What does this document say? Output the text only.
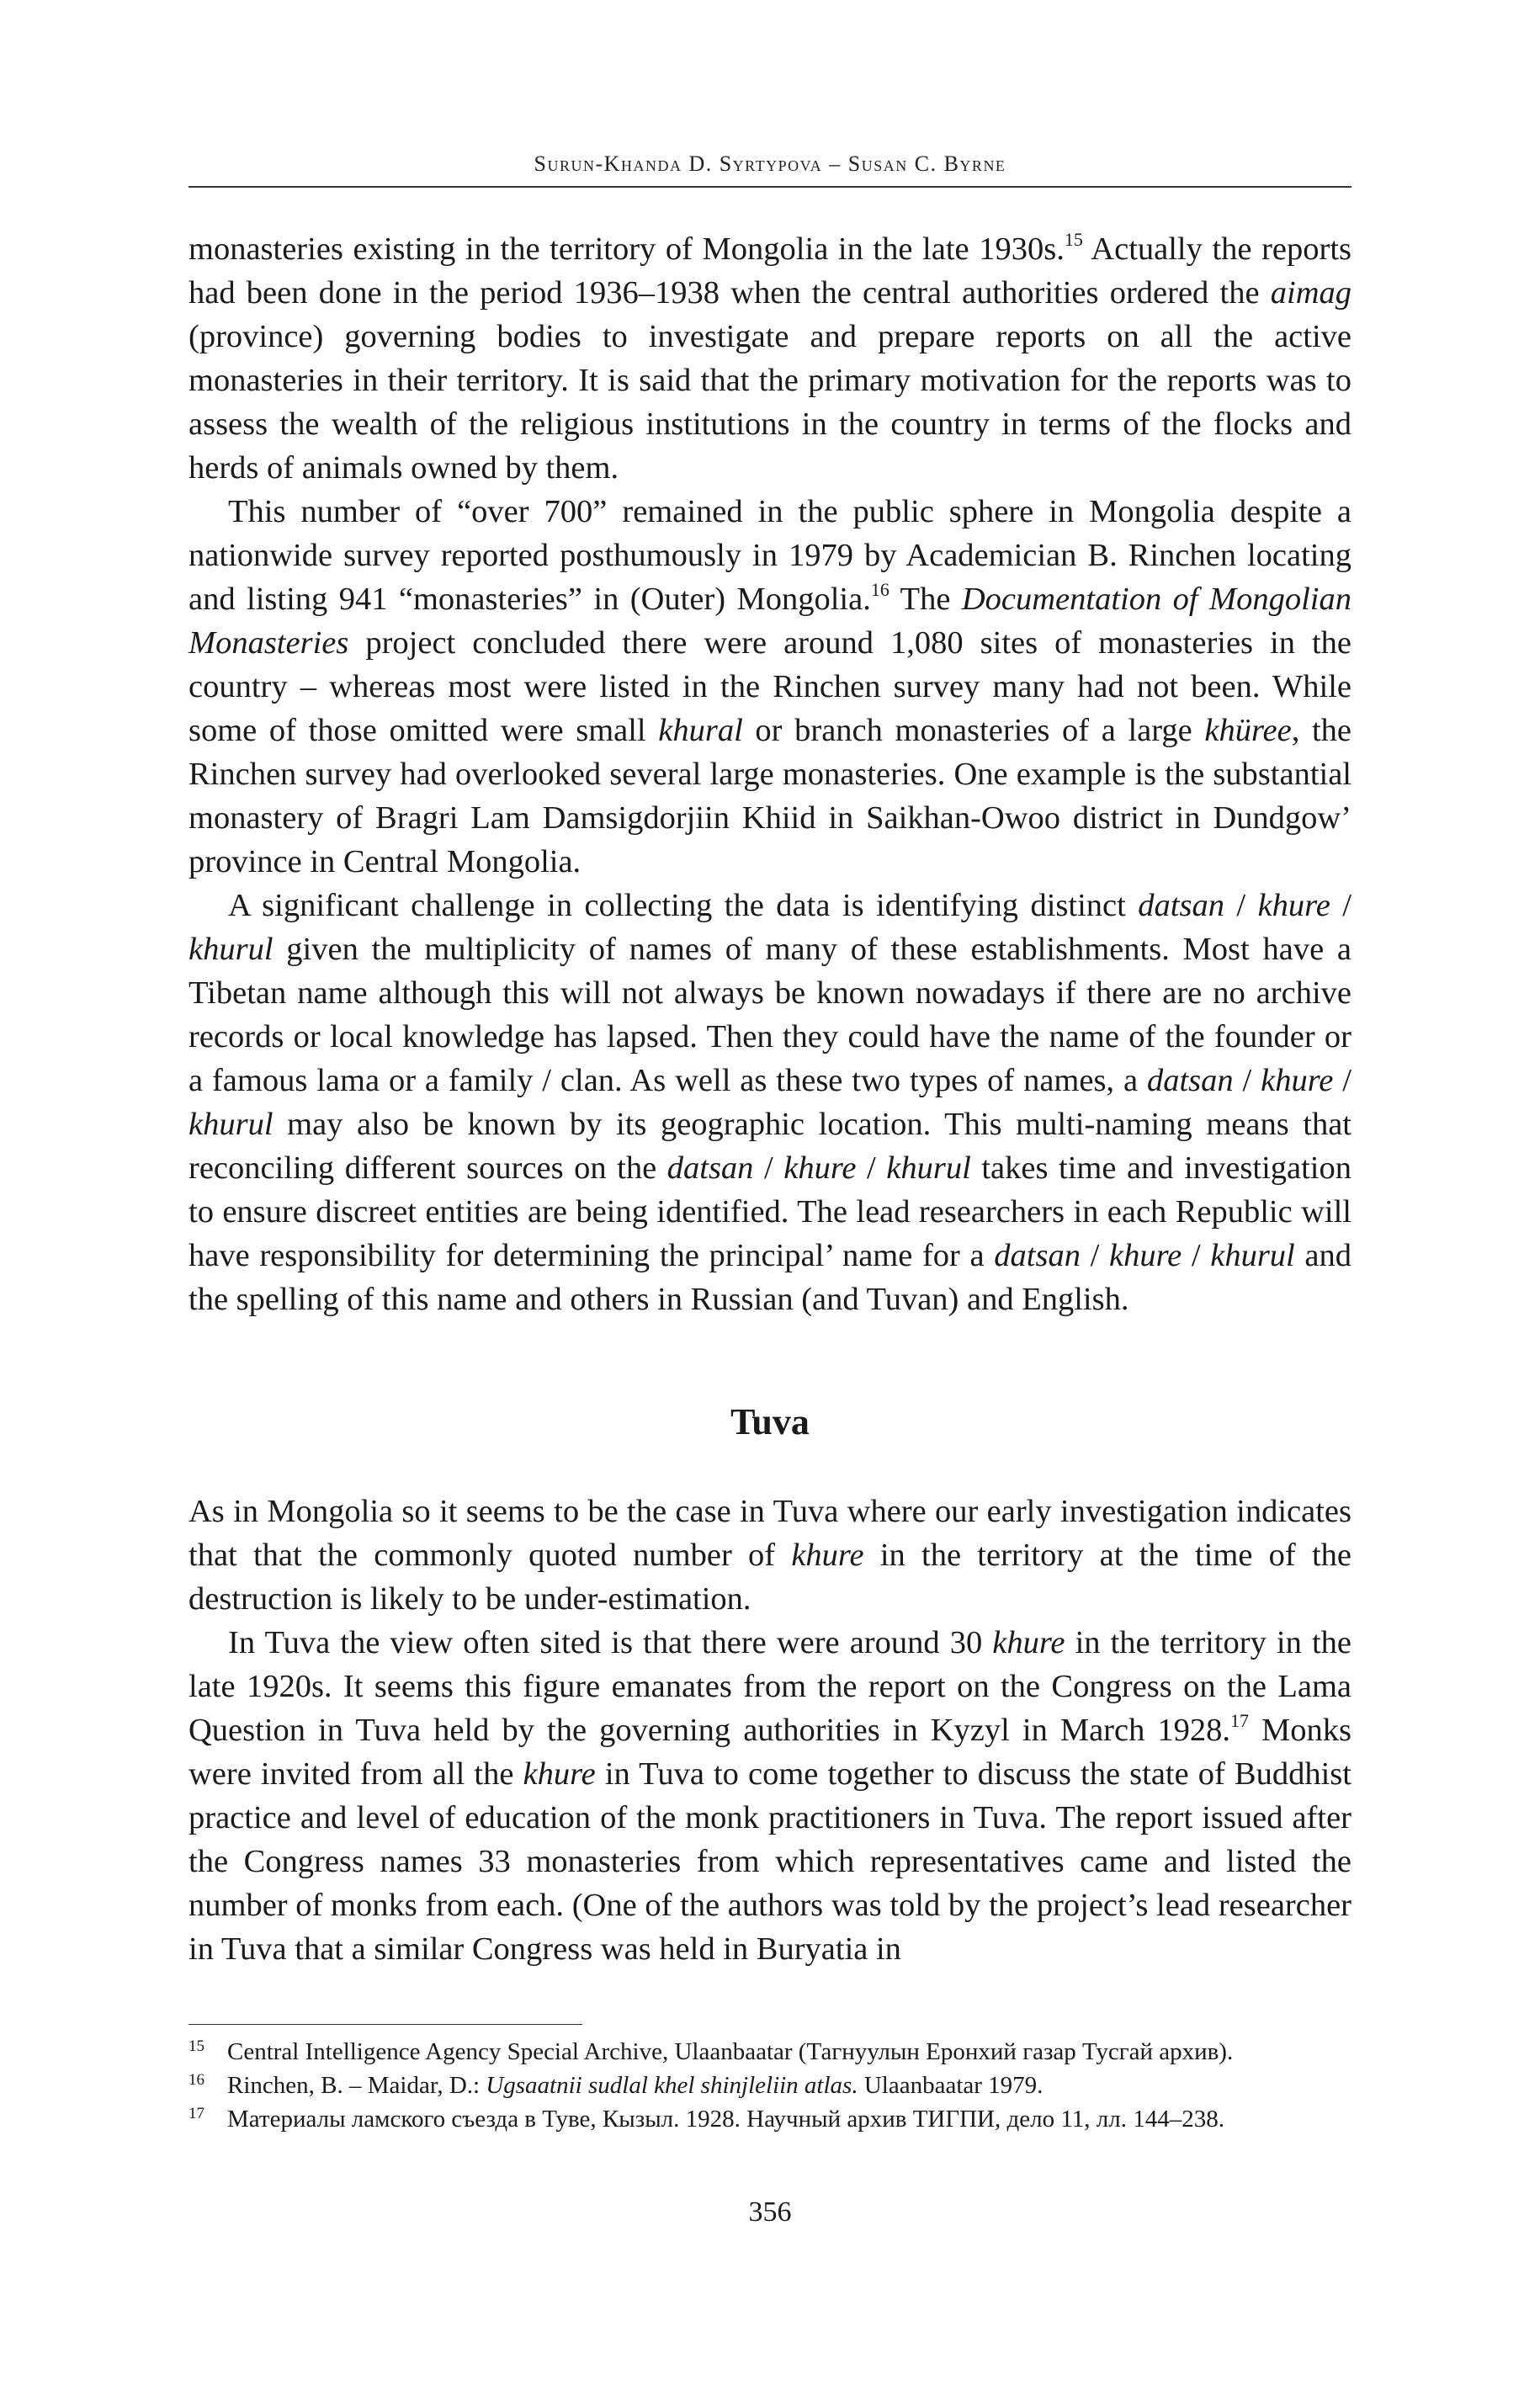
Surun-Khanda D. Syrtypova – Susan C. Byrne

monasteries existing in the territory of Mongolia in the late 1930s.$^{15}$ Actually the reports had been done in the period 1936–1938 when the central authorities ordered the aimag (province) governing bodies to investigate and prepare reports on all the active monasteries in their territory. It is said that the primary motivation for the reports was to assess the wealth of the religious institutions in the country in terms of the flocks and herds of animals owned by them.

This number of “over 700” remained in the public sphere in Mongolia despite a nationwide survey reported posthumously in 1979 by Academician B. Rinchen locating and listing 941 “monasteries” in (Outer) Mongolia.$^{16}$ The Documentation of Mongolian Monasteries project concluded there were around 1,080 sites of monasteries in the country – whereas most were listed in the Rinchen survey many had not been. While some of those omitted were small khural or branch monasteries of a large khüree, the Rinchen survey had overlooked several large monasteries. One example is the substantial monastery of Bragri Lam Damsigdorjiin Khiid in Saikhan-Owoo district in Dundgow’ province in Central Mongolia.

A significant challenge in collecting the data is identifying distinct datsan / khure / khurul given the multiplicity of names of many of these establishments. Most have a Tibetan name although this will not always be known nowadays if there are no archive records or local knowledge has lapsed. Then they could have the name of the founder or a famous lama or a family / clan. As well as these two types of names, a datsan / khure / khurul may also be known by its geographic location. This multi-naming means that reconciling different sources on the datsan / khure / khurul takes time and investigation to ensure discreet entities are being identified. The lead researchers in each Republic will have responsibility for determining the principal’ name for a datsan / khure / khurul and the spelling of this name and others in Russian (and Tuvan) and English.

Tuva

As in Mongolia so it seems to be the case in Tuva where our early investigation indicates that that the commonly quoted number of khure in the territory at the time of the destruction is likely to be under-estimation.

In Tuva the view often sited is that there were around 30 khure in the territory in the late 1920s. It seems this figure emanates from the report on the Congress on the Lama Question in Tuva held by the governing authorities in Kyzyl in March 1928.17 Monks were invited from all the khure in Tuva to come together to discuss the state of Buddhist practice and level of education of the monk practitioners in Tuva. The report issued after the Congress names 33 monasteries from which representatives came and listed the number of monks from each. (One of the authors was told by the project’s lead researcher in Tuva that a similar Congress was held in Buryatia in

15 Central Intelligence Agency Special Archive, Ulaanbaatar (Тагнуулын Еронхий газар Тусгай архив).
16 Rinchen, B. – Maidar, D.: Ugsaatnii sudlal khel shinjleliin atlas. Ulaanbaatar 1979.
17 Материалы ламского съезда в Туве, Кызыл. 1928. Научный архив ТИГПИ, дело 11, лл. 144–238.
356
